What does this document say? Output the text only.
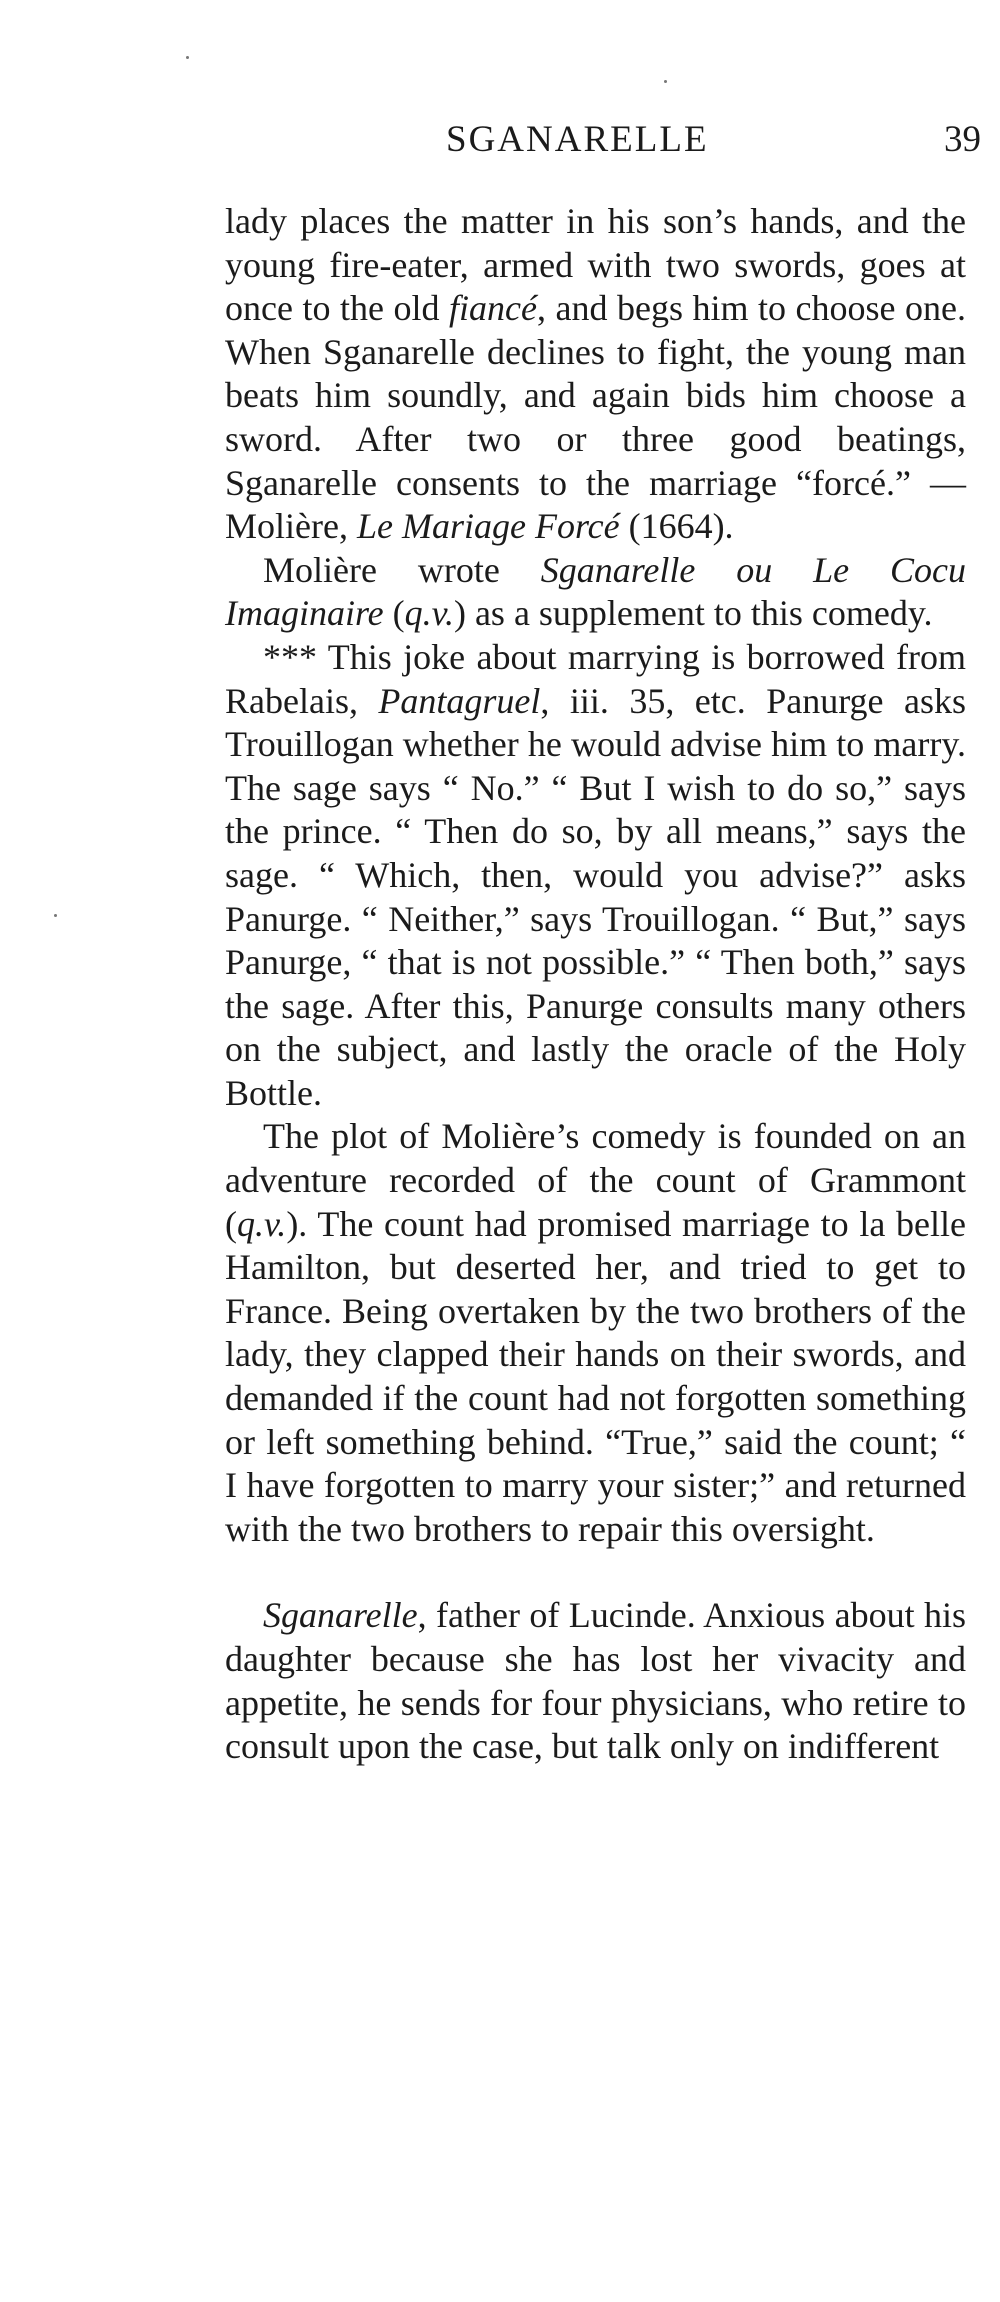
SGANARELLE	39

lady places the matter in his son’s hands, and the young fire-eater, armed with two swords, goes at once to the old fiancé, and begs him to choose one. When Sganarelle declines to fight, the young man beats him soundly, and again bids him choose a sword. After two or three good beatings, Sganarelle consents to the marriage “forcé.” — Molière, Le Mariage Forcé (1664).

Molière wrote Sganarelle ou Le Cocu Imaginaire (q.v.) as a supplement to this comedy.

*** This joke about marrying is borrowed from Rabelais, Pantagruel, iii. 35, etc. Panurge asks Trouillogan whether he would advise him to marry. The sage says “ No.” “ But I wish to do so,” says the prince. “ Then do so, by all means,” says the sage. “ Which, then, would you advise?” asks Panurge. “ Neither,” says Trouillogan. “ But,” says Panurge, “ that is not possible.” “ Then both,” says the sage. After this, Panurge consults many others on the subject, and lastly the oracle of the Holy Bottle.

The plot of Molière’s comedy is founded on an adventure recorded of the count of Grammont (q.v.). The count had promised marriage to la belle Hamilton, but deserted her, and tried to get to France. Being overtaken by the two brothers of the lady, they clapped their hands on their swords, and demanded if the count had not forgotten something or left something behind. “True,” said the count; “ I have forgotten to marry your sister;” and returned with the two brothers to repair this oversight.

Sganarelle, father of Lucinde. Anxious about his daughter because she has lost her vivacity and appetite, he sends for four physicians, who retire to consult upon the case, but talk only on indifferent
